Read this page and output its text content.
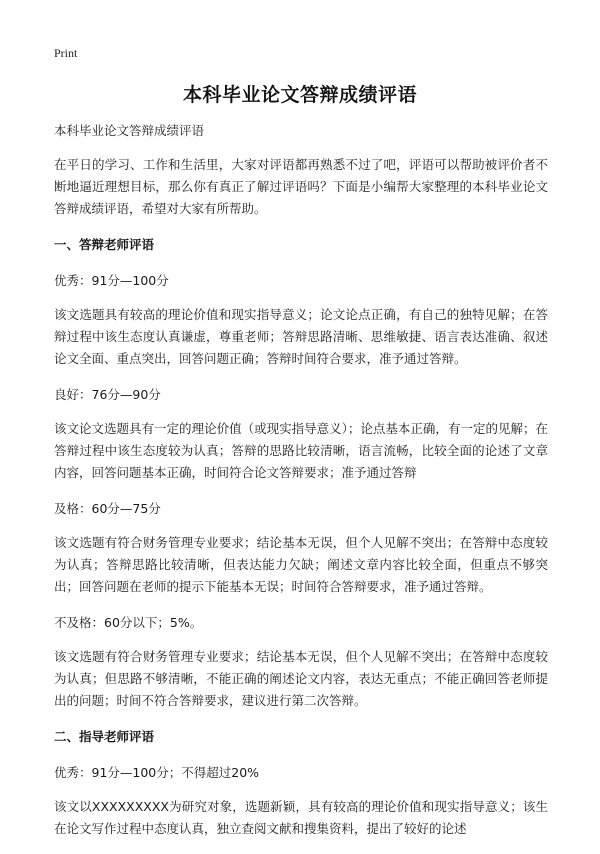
Print
本科毕业论文答辩成绩评语

本科毕业论文答辩成绩评语

在平日的学习、工作和生活里，大家对评语都再熟悉不过了吧，评语可以帮助被评价者不断地逼近理想目标，那么你有真正了解过评语吗？下面是小编帮大家整理的本科毕业论文答辩成绩评语，希望对大家有所帮助。

一、答辩老师评语

优秀：91分—100分

该文选题具有较高的理论价值和现实指导意义；论文论点正确，有自己的独特见解；在答辩过程中该生态度认真谦虚，尊重老师；答辩思路清晰、思维敏捷、语言表达准确、叙述论文全面、重点突出，回答问题正确；答辩时间符合要求，准予通过答辩。

良好：76分—90分

该文论文选题具有一定的理论价值（或现实指导意义）；论点基本正确，有一定的见解；在答辩过程中该生态度较为认真；答辩的思路比较清晰，语言流畅，比较全面的论述了文章内容，回答问题基本正确，时间符合论文答辩要求；准予通过答辩

及格：60分—75分

该文选题有符合财务管理专业要求；结论基本无误，但个人见解不突出；在答辩中态度较为认真；答辩思路比较清晰，但表达能力欠缺；阐述文章内容比较全面，但重点不够突出；回答问题在老师的提示下能基本无误；时间符合答辩要求，准予通过答辩。

不及格：60分以下；5%。

该文选题有符合财务管理专业要求；结论基本无误，但个人见解不突出；在答辩中态度较为认真；但思路不够清晰，不能正确的阐述论文内容，表达无重点；不能正确回答老师提出的问题；时间不符合答辩要求，建议进行第二次答辩。

二、指导老师评语

优秀：91分—100分；不得超过20%

该文以XXXXXXXXX为研究对象，选题新颖，具有较高的理论价值和现实指导意义；该生在论文写作过程中态度认真，独立查阅文献和搜集资料，提出了较好的论述
